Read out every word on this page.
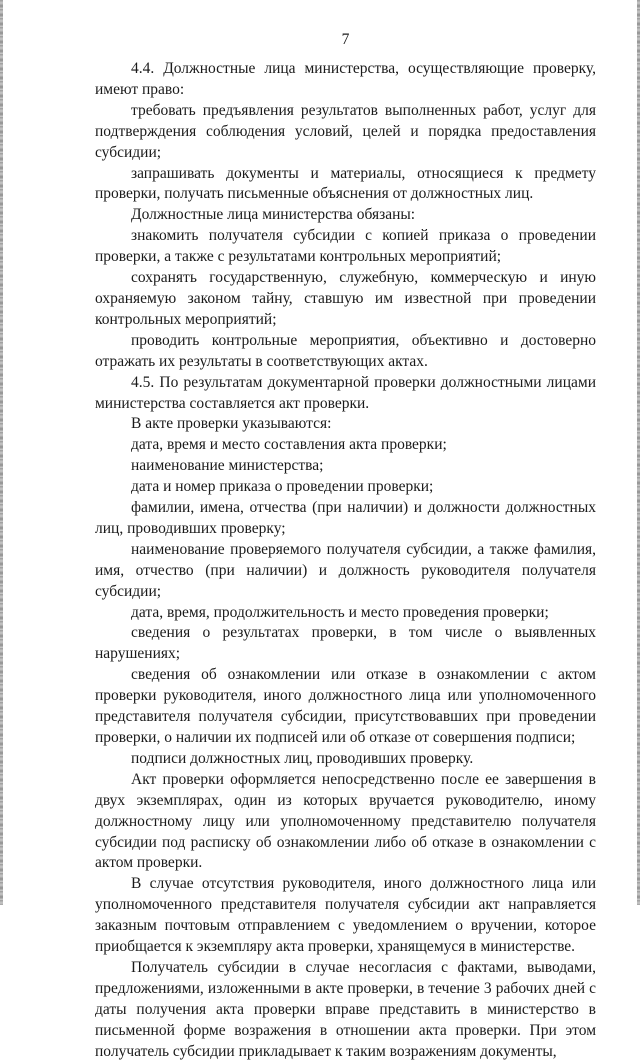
7

4.4. Должностные лица министерства, осуществляющие проверку, имеют право:

требовать предъявления результатов выполненных работ, услуг для подтверждения соблюдения условий, целей и порядка предоставления субсидии;

запрашивать документы и материалы, относящиеся к предмету проверки, получать письменные объяснения от должностных лиц.

Должностные лица министерства обязаны:

знакомить получателя субсидии с копией приказа о проведении проверки, а также с результатами контрольных мероприятий;

сохранять государственную, служебную, коммерческую и иную охраняемую законом тайну, ставшую им известной при проведении контрольных мероприятий;

проводить контрольные мероприятия, объективно и достоверно отражать их результаты в соответствующих актах.

4.5. По результатам документарной проверки должностными лицами министерства составляется акт проверки.

В акте проверки указываются:

дата, время и место составления акта проверки;

наименование министерства;

дата и номер приказа о проведении проверки;

фамилии, имена, отчества (при наличии) и должности должностных лиц, проводивших проверку;

наименование проверяемого получателя субсидии, а также фамилия, имя, отчество (при наличии) и должность руководителя получателя субсидии;

дата, время, продолжительность и место проведения проверки;

сведения о результатах проверки, в том числе о выявленных нарушениях;

сведения об ознакомлении или отказе в ознакомлении с актом проверки руководителя, иного должностного лица или уполномоченного представителя получателя субсидии, присутствовавших при проведении проверки, о наличии их подписей или об отказе от совершения подписи;

подписи должностных лиц, проводивших проверку.

Акт проверки оформляется непосредственно после ее завершения в двух экземплярах, один из которых вручается руководителю, иному должностному лицу или уполномоченному представителю получателя субсидии под расписку об ознакомлении либо об отказе в ознакомлении с актом проверки.

В случае отсутствия руководителя, иного должностного лица или уполномоченного представителя получателя субсидии акт направляется заказным почтовым отправлением с уведомлением о вручении, которое приобщается к экземпляру акта проверки, хранящемуся в министерстве.

Получатель субсидии в случае несогласия с фактами, выводами, предложениями, изложенными в акте проверки, в течение 3 рабочих дней с даты получения акта проверки вправе представить в министерство в письменной форме возражения в отношении акта проверки. При этом получатель субсидии прикладывает к таким возражениям документы,
